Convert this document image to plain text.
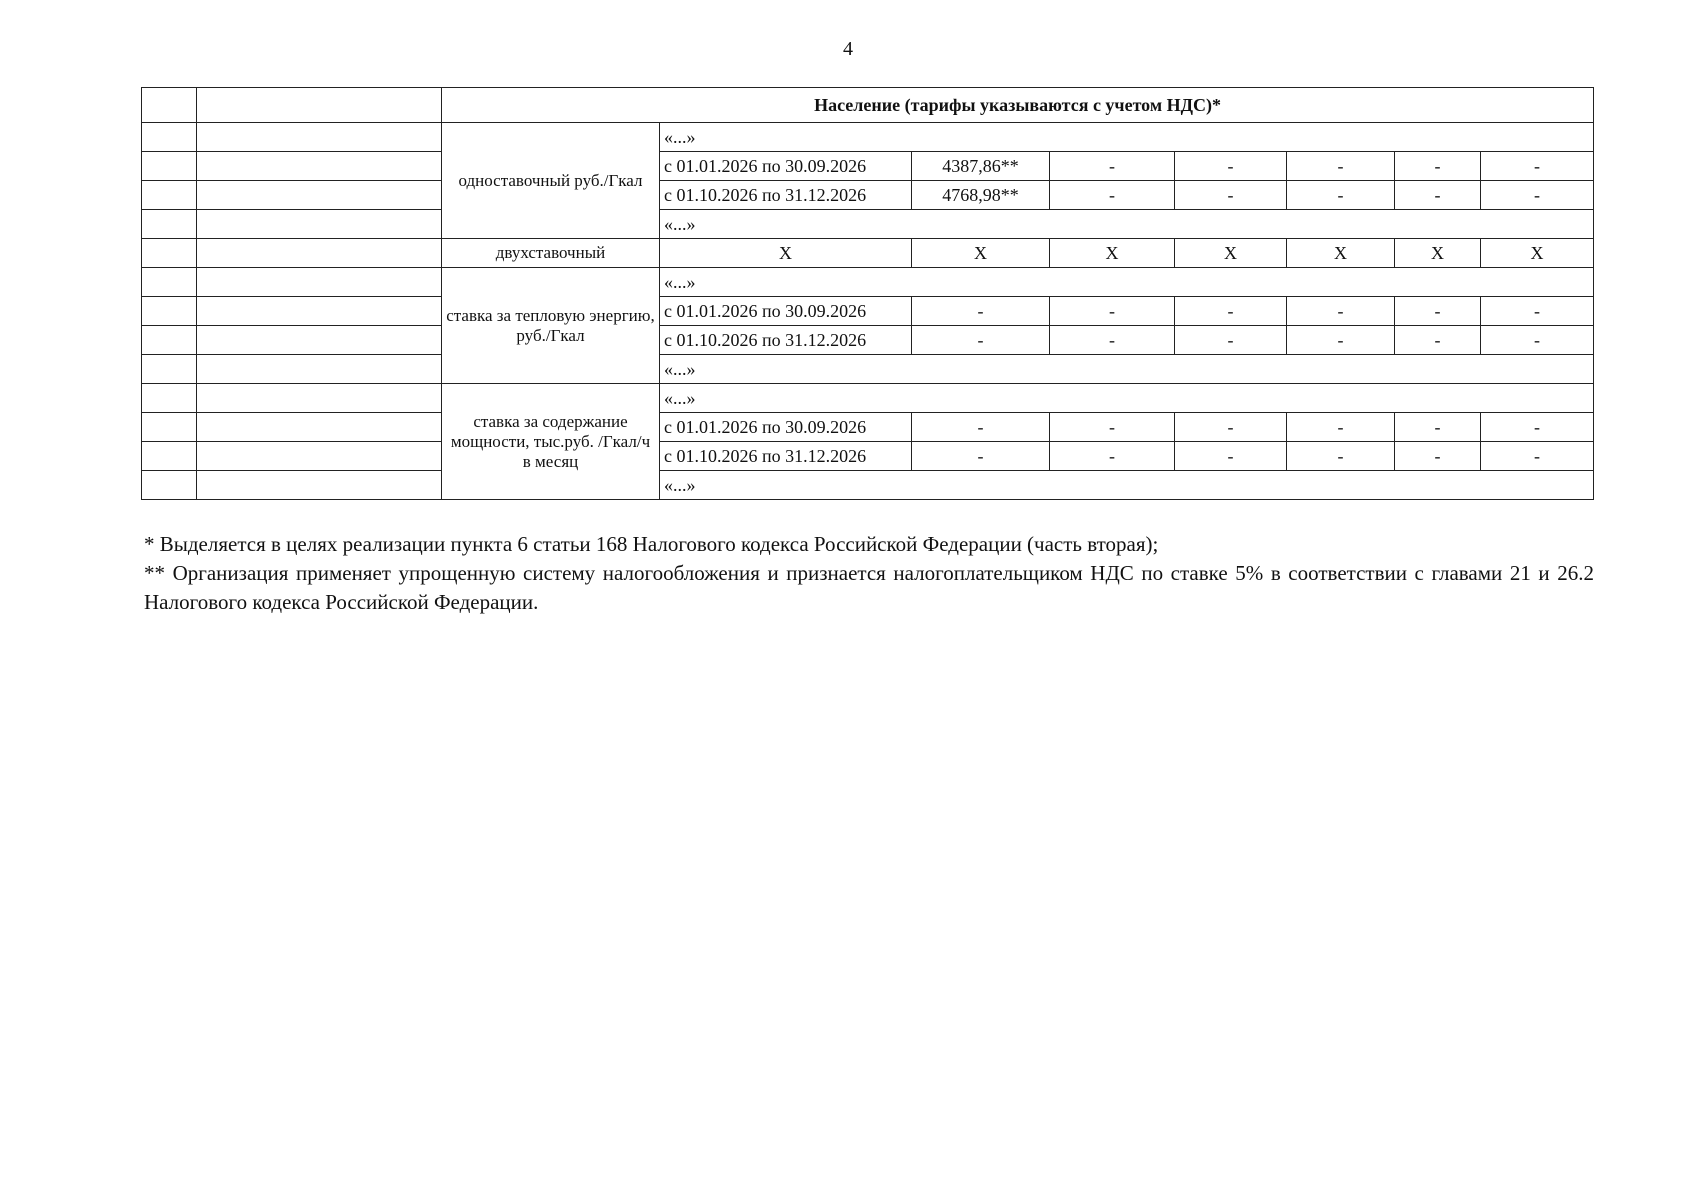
4
		Население (тарифы указываются с учетом НДС)*							
		одноставочный руб./Гкал	«...»						
			с 01.01.2026 по 30.09.2026	4387,86**	-	-	-	-	-
			с 01.10.2026 по 31.12.2026	4768,98**	-	-	-	-	-
			«...»						
		двухставочный	X	X	X	X	X	X	X
		ставка за тепловую энергию, руб./Гкал	«...»						
			с 01.01.2026 по 30.09.2026	-	-	-	-	-	-
			с 01.10.2026 по 31.12.2026	-	-	-	-	-	-
			«...»						
		ставка за содержание мощности, тыс.руб. /Гкал/ч в месяц	«...»						
			с 01.01.2026 по 30.09.2026	-	-	-	-	-	-
			с 01.10.2026 по 31.12.2026	-	-	-	-	-	-
			«...»						

* Выделяется в целях реализации пункта 6 статьи 168 Налогового кодекса Российской Федерации (часть вторая);

** Организация применяет упрощенную систему налогообложения и признается налогоплательщиком НДС по ставке 5% в соответствии с главами 21 и 26.2 Налогового кодекса Российской Федерации.
